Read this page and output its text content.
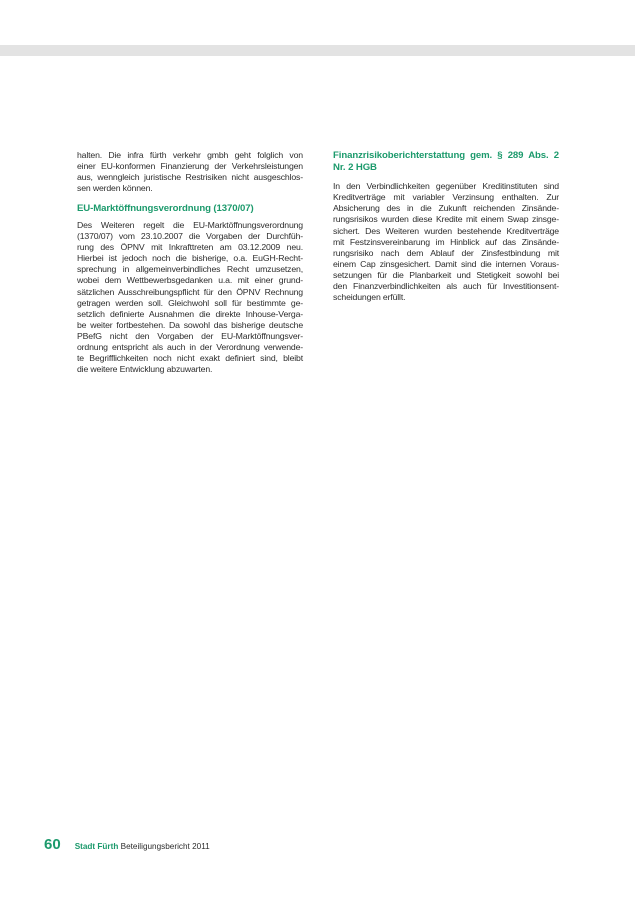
halten. Die infra fürth verkehr gmbh geht folglich von
einer EU-konformen Finanzierung der Verkehrsleistungen
aus, wenngleich juristische Restrisiken nicht ausgeschlos-
sen werden können.

EU-Marktöffnungsverordnung (1370/07)

Des Weiteren regelt die EU-Marktöffnungsverordnung
(1370/07) vom 23.10.2007 die Vorgaben der Durchfüh-
rung des ÖPNV mit Inkrafttreten am 03.12.2009 neu.
Hierbei ist jedoch noch die bisherige, o.a. EuGH-Recht-
sprechung in allgemeinverbindliches Recht umzusetzen,
wobei dem Wettbewerbsgedanken u.a. mit einer grund-
sätzlichen Ausschreibungspflicht für den ÖPNV Rechnung
getragen werden soll. Gleichwohl soll für bestimmte ge-
setzlich definierte Ausnahmen die direkte Inhouse-Verga-
be weiter fortbestehen. Da sowohl das bisherige deutsche
PBefG nicht den Vorgaben der EU-Marktöffnungsver-
ordnung entspricht als auch in der Verordnung verwende-
te Begrifflichkeiten noch nicht exakt definiert sind, bleibt
die weitere Entwicklung abzuwarten.

Finanzrisikoberichterstattung gem. § 289 Abs. 2
Nr. 2 HGB

In den Verbindlichkeiten gegenüber Kreditinstituten sind
Kreditverträge mit variabler Verzinsung enthalten. Zur
Absicherung des in die Zukunft reichenden Zinsände-
rungsrisikos wurden diese Kredite mit einem Swap zinsge-
sichert. Des Weiteren wurden bestehende Kreditverträge
mit Festzinsvereinbarung im Hinblick auf das Zinsände-
rungsrisiko nach dem Ablauf der Zinsfestbindung mit
einem Cap zinsgesichert. Damit sind die internen Voraus-
setzungen für die Planbarkeit und Stetigkeit sowohl bei
den Finanzverbindlichkeiten als auch für Investitionsent-
scheidungen erfüllt.

60 Stadt Fürth Beteiligungsbericht 2011
